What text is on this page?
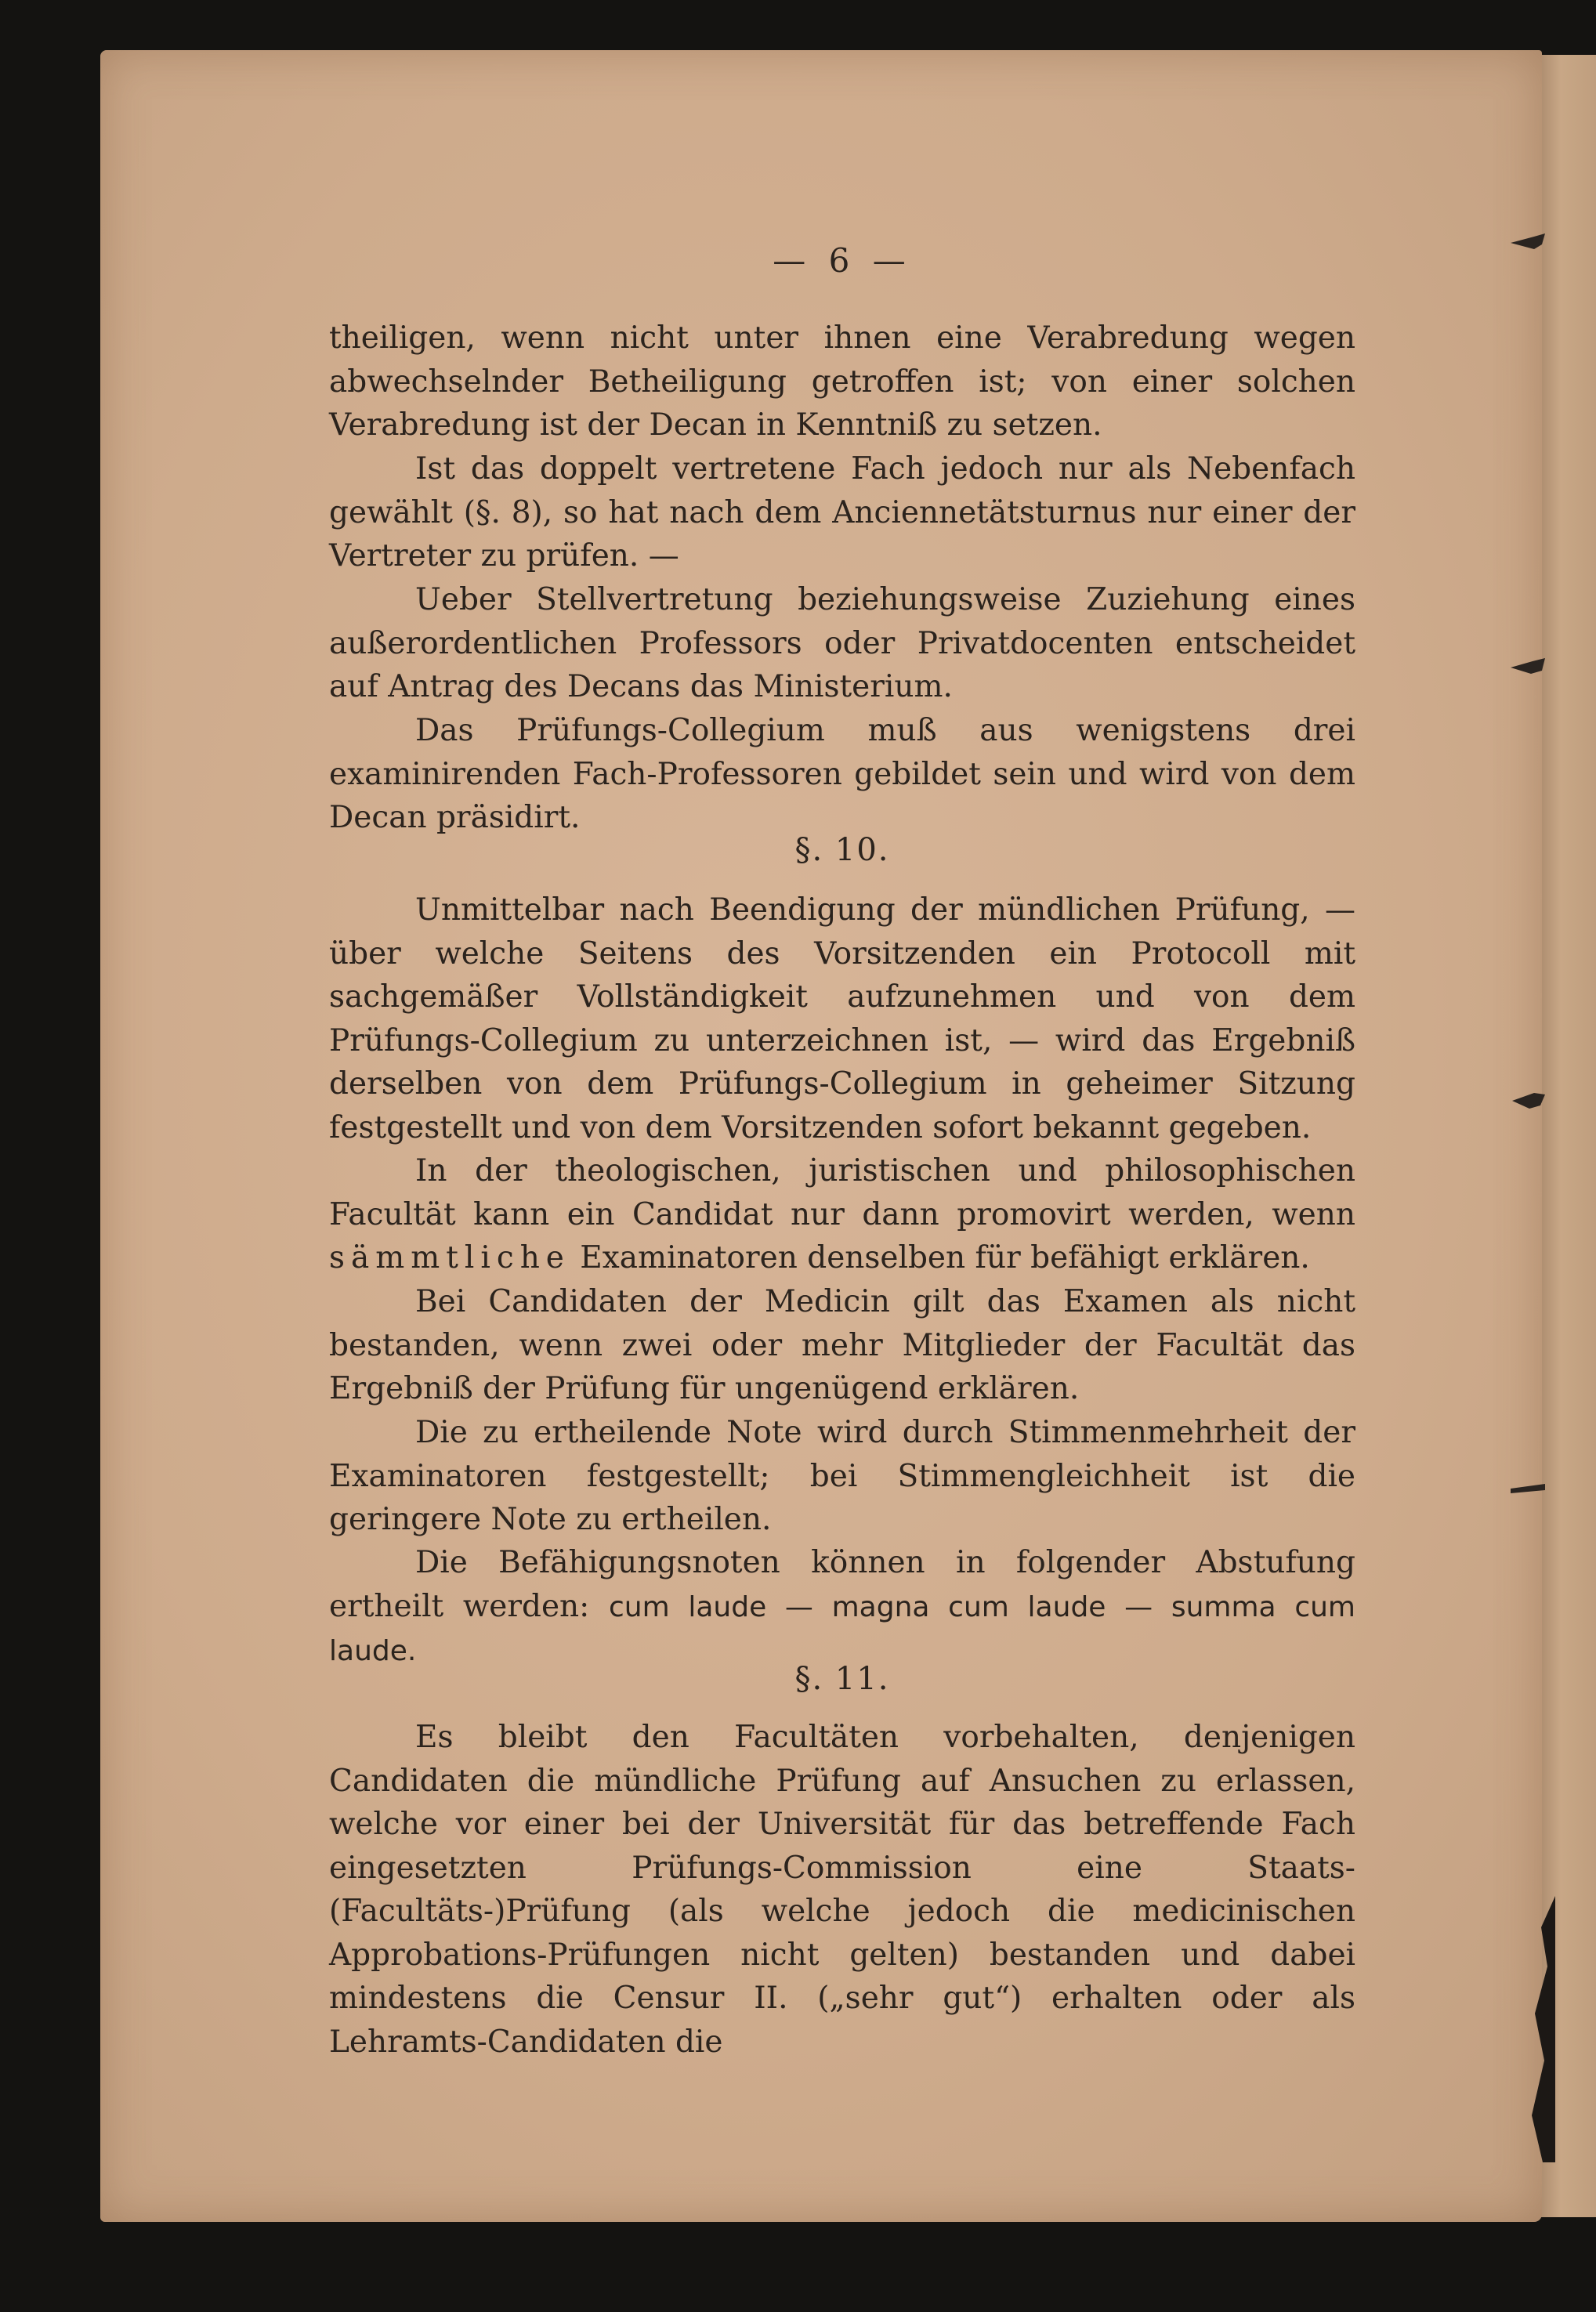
— 6 —

theiligen, wenn nicht unter ihnen eine Verabredung wegen abwechselnder Betheiligung getroffen ist; von einer solchen Verabredung ist der Decan in Kenntniß zu setzen.

Ist das doppelt vertretene Fach jedoch nur als Nebenfach gewählt (§. 8), so hat nach dem Anciennetätsturnus nur einer der Vertreter zu prüfen. —

Ueber Stellvertretung beziehungsweise Zuziehung eines außerordentlichen Professors oder Privatdocenten entscheidet auf Antrag des Decans das Ministerium.

Das Prüfungs-Collegium muß aus wenigstens drei examinirenden Fach-Professoren gebildet sein und wird von dem Decan präsidirt.

§. 10.

Unmittelbar nach Beendigung der mündlichen Prüfung, — über welche Seitens des Vorsitzenden ein Protocoll mit sachgemäßer Vollständigkeit aufzunehmen und von dem Prüfungs-Collegium zu unterzeichnen ist, — wird das Ergebniß derselben von dem Prüfungs-Collegium in geheimer Sitzung festgestellt und von dem Vorsitzenden sofort bekannt gegeben.

In der theologischen, juristischen und philosophischen Facultät kann ein Candidat nur dann promovirt werden, wenn sämmtliche Examinatoren denselben für befähigt erklären.

Bei Candidaten der Medicin gilt das Examen als nicht bestanden, wenn zwei oder mehr Mitglieder der Facultät das Ergebniß der Prüfung für ungenügend erklären.

Die zu ertheilende Note wird durch Stimmenmehrheit der Examinatoren festgestellt; bei Stimmengleichheit ist die geringere Note zu ertheilen.

Die Befähigungsnoten können in folgender Abstufung ertheilt werden: cum laude — magna cum laude — summa cum laude.

§. 11.

Es bleibt den Facultäten vorbehalten, denjenigen Candidaten die mündliche Prüfung auf Ansuchen zu erlassen, welche vor einer bei der Universität für das betreffende Fach eingesetzten Prüfungs-Commission eine Staats-(Facultäts-)Prüfung (als welche jedoch die medicinischen Approbations-Prüfungen nicht gelten) bestanden und dabei mindestens die Censur II. („sehr gut“) erhalten oder als Lehramts-Candidaten die
